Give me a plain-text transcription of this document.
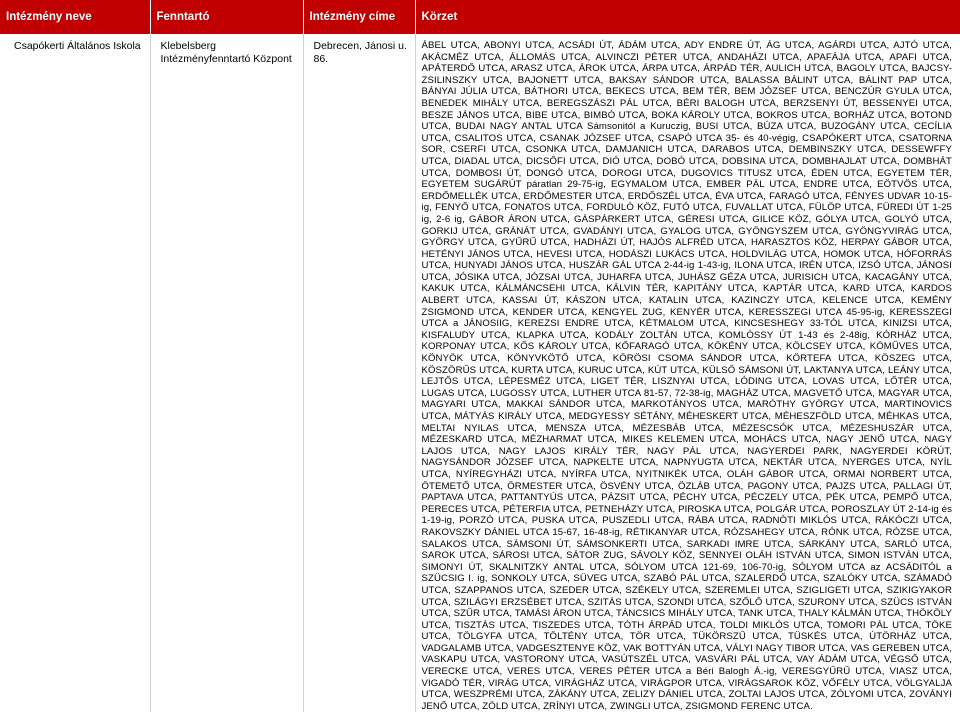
Intézmény neve	Fenntartó	Intézmény címe	Körzet
Csapókerti Általános Iskola	Klebelsberg Intézményfenntartó Központ	Debrecen, Jánosi u. 86.	ÁBEL UTCA, ABONYI UTCA, ACSÁDI ÚT, ÁDÁM UTCA, ADY ENDRE ÚT, ÁG UTCA, AGÁRDI UTCA, AJTÓ UTCA, AKÁCMÉZ UTCA, ÁLLOMÁS UTCA, ALVINCZI PÉTER UTCA, ANDAHÁZI UTCA, APAFÁJA UTCA, APAFI UTCA, APÁTERDŐ UTCA, ARASZ UTCA, ÁROK UTCA, ÁRPA UTCA, ÁRPÁD TÉR, AULICH UTCA, BAGOLY UTCA, BAJCSY-ZSILINSZKY UTCA, BAJONETT UTCA, BAKSAY SÁNDOR UTCA, BALASSA BÁLINT UTCA, BÁLINT PAP UTCA, BÁNYAI JÚLIA UTCA, BÁTHORI UTCA, BEKECS UTCA, BEM TÉR, BEM JÓZSEF UTCA, BENCZÚR GYULA UTCA, BENEDEK MIHÁLY UTCA, BEREGSZÁSZI PÁL UTCA, BÉRI BALOGH UTCA, BERZSENYI ÚT, BESSENYEI UTCA, BESZE JÁNOS UTCA, BIBE UTCA, BIMBÓ UTCA, BOKA KÁROLY UTCA, BOKROS UTCA, BORHÁZ UTCA, BOTOND UTCA, BUDAI NAGY ANTAL UTCA Sámsonitól a Kuruczig, BUSI UTCA, BÚZA UTCA, BUZOGÁNY UTCA, CECÍLIA UTCA, CSALITOS UTCA, CSANAK JÓZSEF UTCA, CSAPÓ UTCA 35- és 40-végig, CSAPÓKERT UTCA, CSATORNA SOR, CSERFI UTCA, CSONKA UTCA, DAMJANICH UTCA, DARABOS UTCA, DEMBINSZKY UTCA, DESSEWFFY UTCA, DIADAL UTCA, DICSŐFI UTCA, DIÓ UTCA, DOBÓ UTCA, DOBSINA UTCA, DOMBHAJLAT UTCA, DOMBHÁT UTCA, DOMBOSI ÚT, DONGÓ UTCA, DOROGI UTCA, DUGOVICS TITUSZ UTCA, ÉDEN UTCA, EGYETEM TÉR, EGYETEM SUGÁRÚT páratlan 29-75-ig, EGYMALOM UTCA, EMBER PÁL UTCA, ENDRE UTCA, EÖTVÖS UTCA, ERDŐMELLÉK UTCA, ERDŐMESTER UTCA, ERDŐSZÉL UTCA, ÉVA UTCA, FARAGÓ UTCA, FÉNYES UDVAR 10-15-ig, FENYŐ UTCA, FONATOS UTCA, FORDULÓ KÖZ, FUTÓ UTCA, FUVALLAT UTCA, FÜLÖP UTCA, FÜREDI ÚT 1-25 ig, 2-6 ig, GÁBOR ÁRON UTCA, GÁSPÁRKERT UTCA, GÉRESI UTCA, GILICE KÖZ, GÓLYA UTCA, GOLYÓ UTCA, GORKIJ UTCA, GRÁNÁT UTCA, GVADÁNYI UTCA, GYALOG UTCA, GYÖNGYSZEM UTCA, GYÖNGYVIRÁG UTCA, GYÖRGY UTCA, GYŰRŰ UTCA, HADHÁZI ÚT, HAJÓS ALFRÉD UTCA, HARASZTOS KÖZ, HERPAY GÁBOR UTCA, HETÉNYI JÁNOS UTCA, HEVESI UTCA, HODÁSZI LUKÁCS UTCA, HOLDVILÁG UTCA, HOMOK UTCA, HÓFORRÁS UTCA, HUNYADI JÁNOS UTCA, HUSZÁR GÁL UTCA 2-44-ig 1-43-ig, ILONA UTCA, IRÉN UTCA, IZSÓ UTCA, JÁNOSI UTCA, JÓSIKA UTCA, JÓZSAI UTCA, JUHARFA UTCA, JUHÁSZ GÉZA UTCA, JURISICH UTCA, KACAGÁNY UTCA, KAKUK UTCA, KÁLMÁNCSEHI UTCA, KÁLVIN TÉR, KAPITÁNY UTCA, KAPTÁR UTCA, KARD UTCA, KARDOS ALBERT UTCA, KASSAI ÚT, KÁSZON UTCA, KATALIN UTCA, KAZINCZY UTCA, KELENCE UTCA, KEMÉNY ZSIGMOND UTCA, KENDER UTCA, KENGYEL ZUG, KENYÉR UTCA, KERESSZEGI UTCA 45-95-ig, KERESSZEGI UTCA a JÁNOSIIG, KEREZSI ENDRE UTCA, KÉTMALOM UTCA, KINCSESHEGY 33-TÓL UTCA, KINIZSI UTCA, KISFALUDY UTCA, KLAPKA UTCA, KODÁLY ZOLTÁN UTCA, KOMLÓSSY ÚT 1-43 és 2-48ig, KÓRHÁZ UTCA, KORPONAY UTCA, KŐS KÁROLY UTCA, KŐFARAGÓ UTCA, KÖKÉNY UTCA, KÖLCSEY UTCA, KÖMŰVES UTCA, KÖNYÖK UTCA, KÖNYVKÖTŐ UTCA, KÖRÖSI CSOMA SÁNDOR UTCA, KÖRTEFA UTCA, KÖSZEG UTCA, KÖSZÖRŰS UTCA, KURTA UTCA, KURUC UTCA, KÚT UTCA, KÜLSŐ SÁMSONI ÚT, LAKTANYA UTCA, LEÁNY UTCA, LEJTŐS UTCA, LÉPESMÉZ UTCA, LIGET TÉR, LISZNYAI UTCA, LÓDING UTCA, LOVAS UTCA, LŐTÉR UTCA, LUGAS UTCA, LUGOSSY UTCA, LUTHER UTCA 81-57, 72-38-ig, MAGHÁZ UTCA, MAGVETŐ UTCA, MAGYAR UTCA, MAGYARI UTCA, MAKKAI SÁNDOR UTCA, MARKOTÁNYOS UTCA, MARÓTHY GYÖRGY UTCA, MARTINOVICS UTCA, MÁTYÁS KIRÁLY UTCA, MEDGYESSY SÉTÁNY, MÉHESKERT UTCA, MÉHESZFÖLD UTCA, MÉHKAS UTCA, MELTAI NYILAS UTCA, MENSZA UTCA, MÉZESBÁB UTCA, MÉZESCSÓK UTCA, MÉZESHUSZÁR UTCA, MÉZESKARD UTCA, MÉZHARMAT UTCA, MIKES KELEMEN UTCA, MOHÁCS UTCA, NAGY JENŐ UTCA, NAGY LAJOS UTCA, NAGY LAJOS KIRÁLY TÉR, NAGY PÁL UTCA, NAGYERDEI PARK, NAGYERDEI KÖRÚT, NAGYSÁNDOR JÓZSEF UTCA, NAPKELTE UTCA, NAPNYUGTA UTCA, NEKTÁR UTCA, NYERGES UTCA, NYÍL UTCA, NYÍREGYHÁZI UTCA, NYÍRFA UTCA, NYITNIKÉK UTCA, OLÁH GÁBOR UTCA, ORMAI NORBERT UTCA, ÖTEMETŐ UTCA, ÖRMESTER UTCA, ÖSVÉNY UTCA, ÖZLÁB UTCA, PAGONY UTCA, PAJZS UTCA, PALLAGI ÚT, PAPTAVA UTCA, PATTANTYÚS UTCA, PÁZSIT UTCA, PÉCHY UTCA, PÉCZELY UTCA, PÉK UTCA, PEMPŐ UTCA, PERECES UTCA, PÉTERFIA UTCA, PETNEHÁZY UTCA, PIROSKA UTCA, POLGÁR UTCA, POROSZLAY ÚT 2-14-ig és 1-19-ig, PORZÓ UTCA, PUSKA UTCA, PUSZEDLI UTCA, RÁBA UTCA, RADNÓTI MIKLÓS UTCA, RÁKÓCZI UTCA, RAKOVSZKY DÁNIEL UTCA 15-67, 16-48-ig, RÉTIKANYAR UTCA, RÓZSAHEGY UTCA, RÓNK UTCA, RÓZSE UTCA, SALAKOS UTCA, SÁMSONI ÚT, SÁMSONKERTI UTCA, SARKADI IMRE UTCA, SÁRKÁNY UTCA, SARLÓ UTCA, SAROK UTCA, SÁROSI UTCA, SÁTOR ZUG, SÁVOLY KÖZ, SENNYEI OLÁH ISTVÁN UTCA, SIMON ISTVÁN UTCA, SIMONYI ÚT, SKALNITZKY ANTAL UTCA, SÓLYOM UTCA 121-69, 106-70-ig, SÓLYOM UTCA az ACSÁDITÓL a SZÜCSIG I. ig, SONKOLY UTCA, SÜVEG UTCA, SZABÓ PÁL UTCA, SZALERDŐ UTCA, SZALÓKY UTCA, SZÁMADÓ UTCA, SZAPPANOS UTCA, SZEDER UTCA, SZÉKELY UTCA, SZEREMLEI UTCA, SZIGLIGETI UTCA, SZIKIGYAKOR UTCA, SZILÁGYI ERZSÉBET UTCA, SZITÁS UTCA, SZONDI UTCA, SZŐLŐ UTCA, SZURONY UTCA, SZÜCS ISTVÁN UTCA, SZŰR UTCA, TAMÁSI ÁRON UTCA, TÁNCSICS MIHÁLY UTCA, TANK UTCA, THALY KÁLMÁN UTCA, THÖKÖLY UTCA, TISZTÁS UTCA, TISZEDES UTCA, TÓTH ÁRPÁD UTCA, TOLDI MIKLÓS UTCA, TOMORI PÁL UTCA, TÖKE UTCA, TÖLGYFA UTCA, TÖLTÉNY UTCA, TÖR UTCA, TÜKÖRSZŰ UTCA, TÜSKÉS UTCA, ÚTÖRHÁZ UTCA, VADGALAMB UTCA, VADGESZTENYE KÖZ, VAK BOTTYÁN UTCA, VÁLYI NAGY TIBOR UTCA, VAS GEREBEN UTCA, VASKAPU UTCA, VASTORONY UTCA, VASÚTSZÉL UTCA, VASVÁRI PÁL UTCA, VAY ÁDÁM UTCA, VÉGSŐ UTCA, VERECKE UTCA, VERES UTCA, VERES PÉTER UTCA a Béri Balogh Á.-ig, VERESGYŰRŰ UTCA, VIASZ UTCA, VIGADÓ TÉR, VIRÁG UTCA, VIRÁGHÁZ UTCA, VIRÁGPOR UTCA, VIRÁGSAROK KÖZ, VŐFÉLY UTCA, VÖLGYALJA UTCA, WESZPRÉMI UTCA, ZÁKÁNY UTCA, ZELIZY DÁNIEL UTCA, ZOLTAI LAJOS UTCA, ZÓLYOMI UTCA, ZOVÁNYI JENŐ UTCA, ZÖLD UTCA, ZRÍNYI UTCA, ZWINGLI UTCA, ZSIGMOND FERENC UTCA.
